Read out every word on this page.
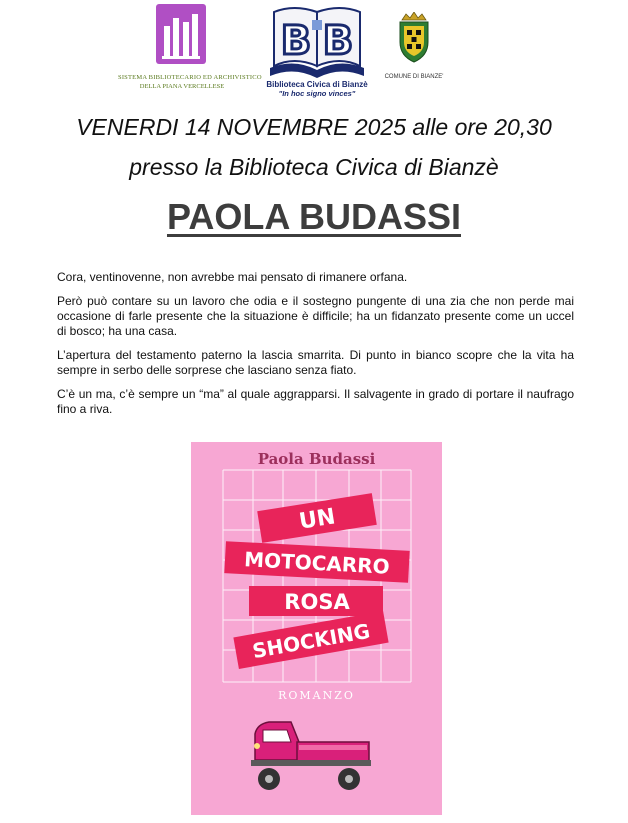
SISTEMA BIBLIOTECARIO ED ARCHIVISTICO
DELLA PIANA VERCELLESE
B B
Biblioteca Civica di Bianzè
"In hoc signo vinces"
COMUNE DI BIANZE'
VENERDI 14 NOVEMBRE 2025 alle ore 20,30
presso la Biblioteca Civica di Bianzè
PAOLA BUDASSI

Cora, ventinovenne, non avrebbe mai pensato di rimanere orfana.

Però può contare su un lavoro che odia e il sostegno pungente di una zia che non perde mai occasione di farle presente che la situazione è difficile; ha un fidanzato presente come un uccel di bosco; ha una casa.

L’apertura del testamento paterno la lascia smarrita. Di punto in bianco scopre che la vita ha sempre in serbo delle sorprese che lasciano senza fiato.

C’è un ma, c’è sempre un “ma” al quale aggrapparsi. Il salvagente in grado di portare il naufrago fino a riva.

UN
MOTOCARRO
ROSA
SHOCKING
Paola Budassi
ROMANZO
